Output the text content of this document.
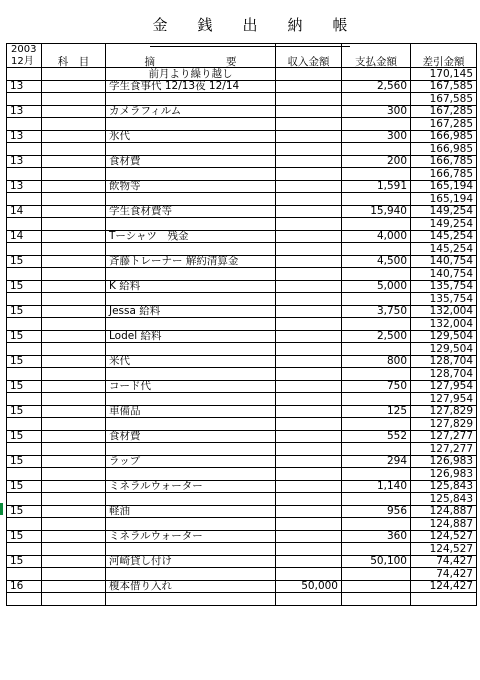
金 銭 出 納 帳
2003
12月	科　目	摘 要	収入金額	支払金額	差引金額
		前月より繰り越し			170,145
13		学生食事代 12/13夜 12/14		2,560	167,585
					167,585
13		カメラフィルム		300	167,285
					167,285
13		氷代		300	166,985
					166,985
13		食材費		200	166,785
					166,785
13		飲物等		1,591	165,194
					165,194
14		学生食材費等		15,940	149,254
					149,254
14		Tーシャツ　残金		4,000	145,254
					145,254
15		斉藤トレーナー 解約清算金		4,500	140,754
					140,754
15		K 給料		5,000	135,754
					135,754
15		Jessa 給料		3,750	132,004
					132,004
15		Lodel 給料		2,500	129,504
					129,504
15		米代		800	128,704
					128,704
15		コード代		750	127,954
					127,954
15		車備品		125	127,829
					127,829
15		食材費		552	127,277
					127,277
15		ラップ		294	126,983
					126,983
15		ミネラルウォーター		1,140	125,843
					125,843
15		軽油		956	124,887
					124,887
15		ミネラルウォーター		360	124,527
					124,527
15		河崎貸し付け		50,100	74,427
					74,427
16		榎本借り入れ	50,000		124,427
